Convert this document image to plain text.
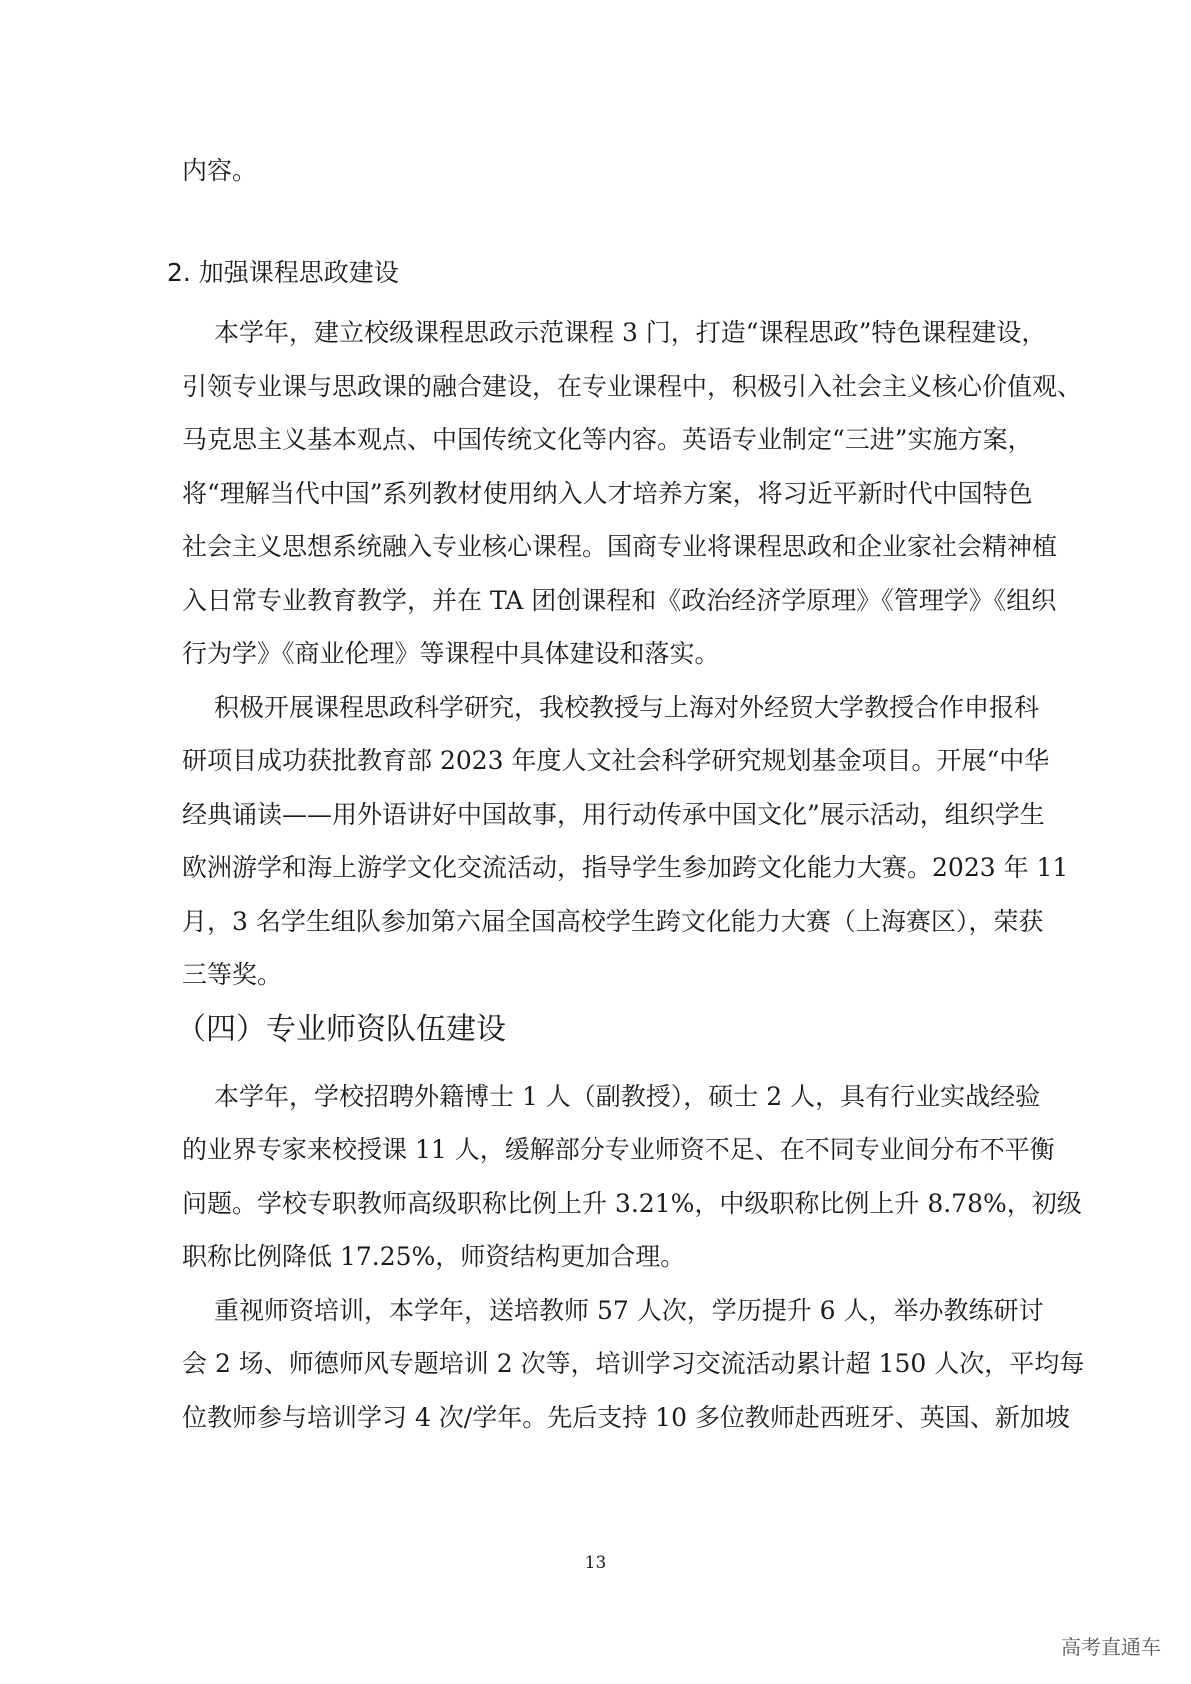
内容。
2. 加强课程思政建设
本学年，建立校级课程思政示范课程 3 门，打造“课程思政”特色课程建设，
引领专业课与思政课的融合建设，在专业课程中，积极引入社会主义核心价值观、
马克思主义基本观点、中国传统文化等内容。英语专业制定“三进”实施方案，
将“理解当代中国”系列教材使用纳入人才培养方案，将习近平新时代中国特色
社会主义思想系统融入专业核心课程。国商专业将课程思政和企业家社会精神植
入日常专业教育教学，并在 TA 团创课程和《政治经济学原理》《管理学》《组织
行为学》《商业伦理》等课程中具体建设和落实。
积极开展课程思政科学研究，我校教授与上海对外经贸大学教授合作申报科
研项目成功获批教育部 2023 年度人文社会科学研究规划基金项目。开展“中华
经典诵读——用外语讲好中国故事，用行动传承中国文化”展示活动，组织学生
欧洲游学和海上游学文化交流活动，指导学生参加跨文化能力大赛。2023 年 11
月，3 名学生组队参加第六届全国高校学生跨文化能力大赛（上海赛区），荣获
三等奖。
（四）专业师资队伍建设
本学年，学校招聘外籍博士 1 人（副教授），硕士 2 人，具有行业实战经验
的业界专家来校授课 11 人，缓解部分专业师资不足、在不同专业间分布不平衡
问题。学校专职教师高级职称比例上升 3.21%，中级职称比例上升 8.78%，初级
职称比例降低 17.25%，师资结构更加合理。
重视师资培训，本学年，送培教师 57 人次，学历提升 6 人，举办教练研讨
会 2 场、师德师风专题培训 2 次等，培训学习交流活动累计超 150 人次，平均每
位教师参与培训学习 4 次/学年。先后支持 10 多位教师赴西班牙、英国、新加坡
13
高考直通车
